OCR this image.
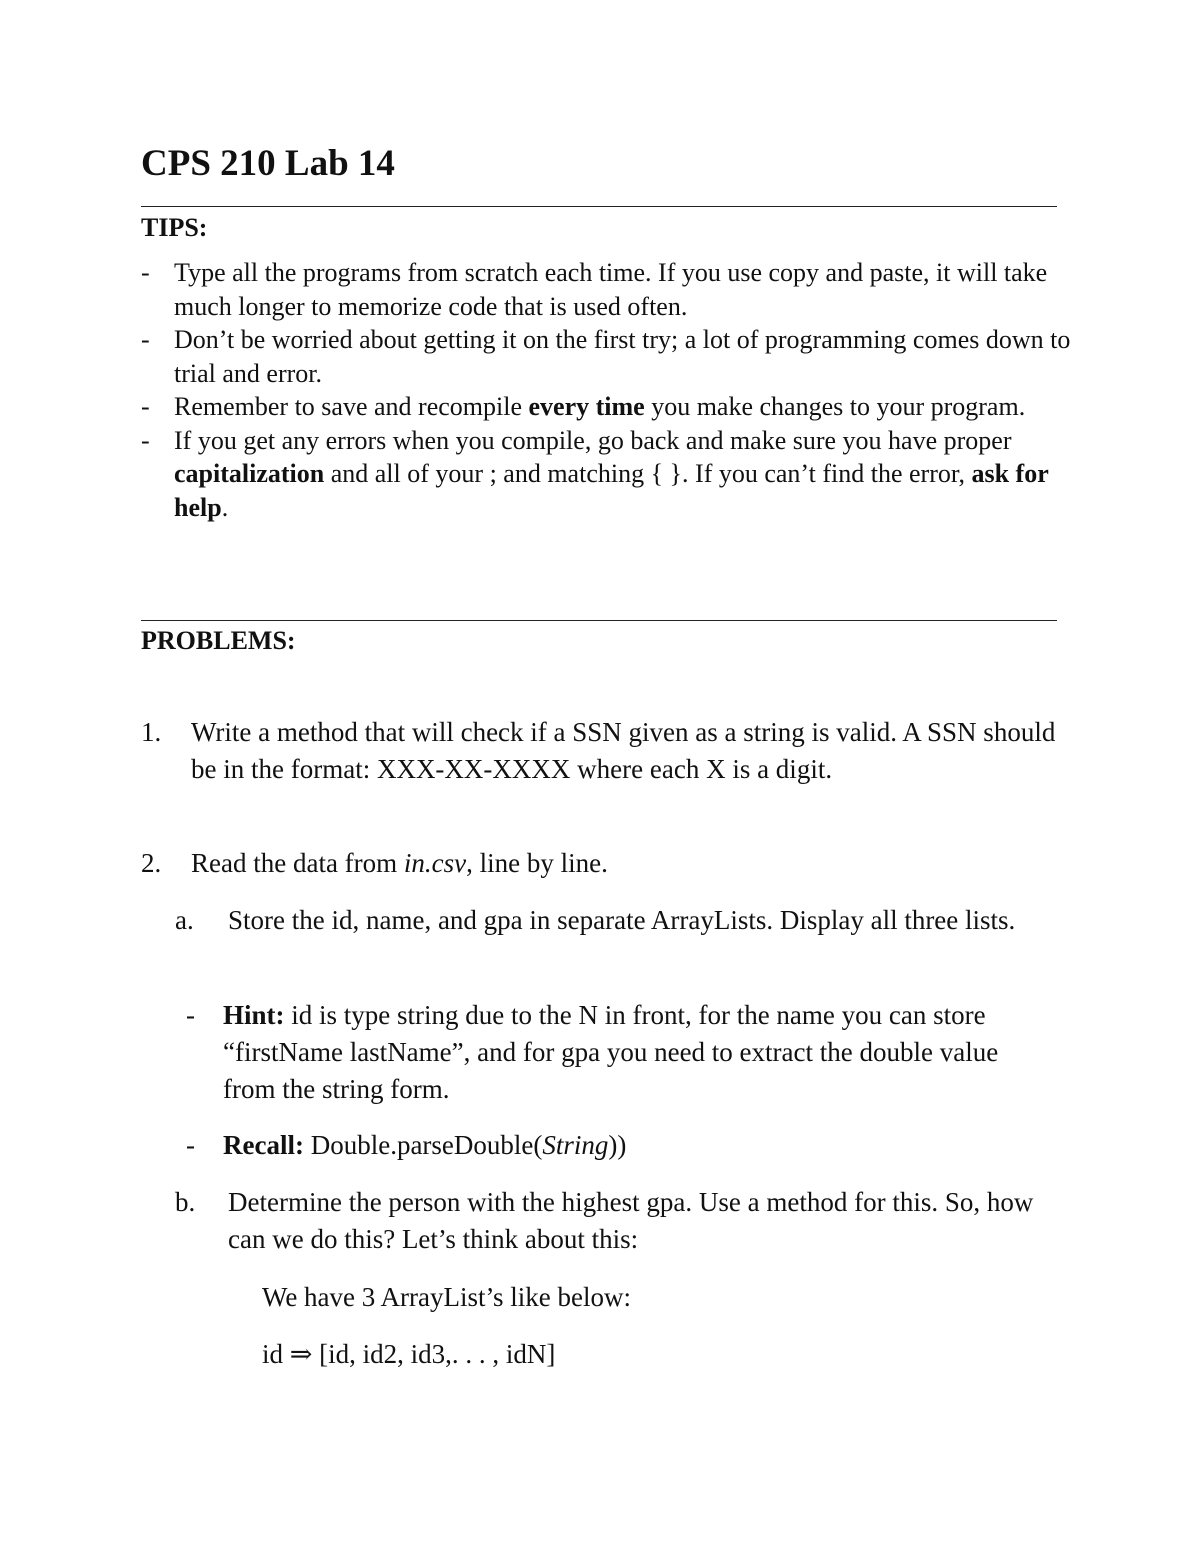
CPS 210 Lab 14
TIPS:
- Type all the programs from scratch each time. If you use copy and paste, it will take much longer to memorize code that is used often.
- Don’t be worried about getting it on the first try; a lot of programming comes down to trial and error.
- Remember to save and recompile every time you make changes to your program.
- If you get any errors when you compile, go back and make sure you have proper capitalization and all of your ; and matching { }. If you can’t find the error, ask for help.
PROBLEMS:
1.	Write a method that will check if a SSN given as a string is valid. A SSN should be in the format: XXX-XX-XXXX where each X is a digit.
2.	Read the data from in.csv, line by line.
a.	Store the id, name, and gpa in separate ArrayLists. Display all three lists.
-	Hint: id is type string due to the N in front, for the name you can store “firstName lastName”, and for gpa you need to extract the double value from the string form.
-	Recall: Double.parseDouble(String))
b.	Determine the person with the highest gpa. Use a method for this. So, how can we do this? Let’s think about this:

We have 3 ArrayList’s like below:

id ⇒ [id, id2, id3,. . . , idN]
